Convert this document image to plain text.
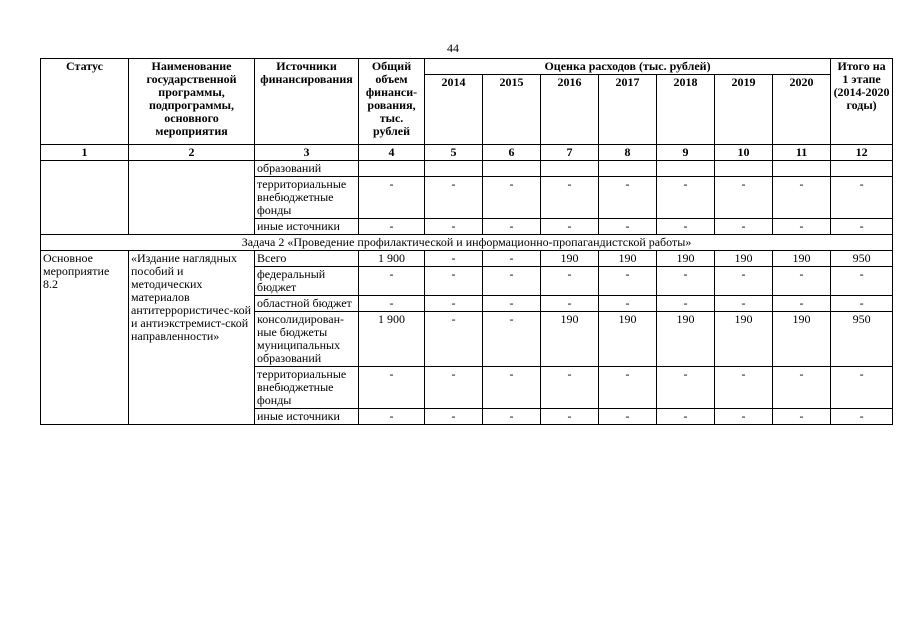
44
Статус	Наименование государственной программы, подпрограммы, основного мероприятия	Источники финансирования	Общий объем финанси-рования, тыс. рублей	Оценка расходов (тыс. рублей)							Итого на 1 этапе (2014-2020 годы)
				2014	2015	2016	2017	2018	2019	2020	
1	2	3	4	5	6	7	8	9	10	11	12
		образований									
		территориальные внебюджетные фонды	-	-	-	-	-	-	-	-	-
		иные источники	-	-	-	-	-	-	-	-	-
Задача 2 «Проведение профилактической и информационно-пропагандистской работы»											
Основное мероприятие 8.2	«Издание наглядных пособий и методических материалов антитеррористичес-кой и антиэкстремист-ской направленности»	Всего	1 900	-	-	190	190	190	190	190	950
		федеральный бюджет	-	-	-	-	-	-	-	-	-
		областной бюджет	-	-	-	-	-	-	-	-	-
		консолидирован-ные бюджеты муниципальных образований	1 900	-	-	190	190	190	190	190	950
		территориальные внебюджетные фонды	-	-	-	-	-	-	-	-	-
		иные источники	-	-	-	-	-	-	-	-	-
